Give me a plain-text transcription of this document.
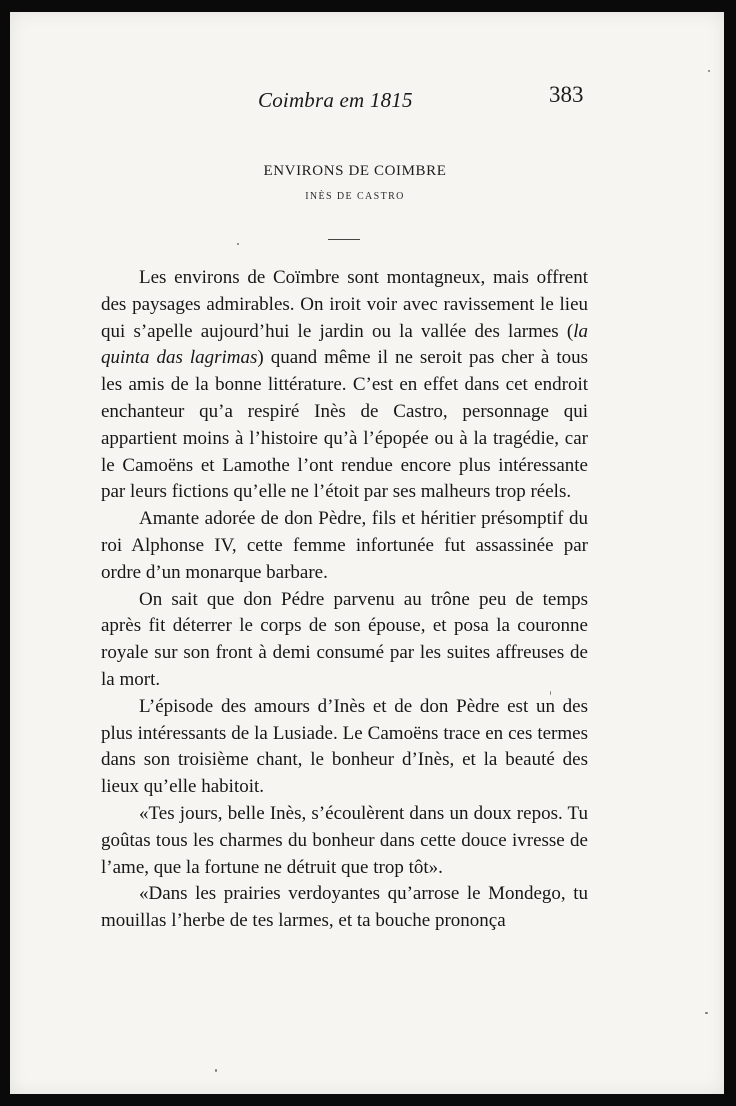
Coimbra em 1815	383
ENVIRONS DE COIMBRE
INÈS DE CASTRO

Les environs de Coïmbre sont montagneux, mais offrent des paysages admirables. On iroit voir avec ravissement le lieu qui s’apelle aujourd’hui le jardin ou la vallée des larmes (la quinta das lagrimas) quand même il ne seroit pas cher à tous les amis de la bonne littérature. C’est en effet dans cet endroit enchanteur qu’a respiré Inès de Castro, personnage qui appartient moins à l’histoire qu’à l’épopée ou à la tragédie, car le Camoëns et Lamothe l’ont rendue encore plus intéressante par leurs fictions qu’elle ne l’étoit par ses malheurs trop réels.

Amante adorée de don Pèdre, fils et héritier présomptif du roi Alphonse IV, cette femme infortunée fut assassinée par ordre d’un monarque barbare.

On sait que don Pédre parvenu au trône peu de temps après fit déterrer le corps de son épouse, et posa la couronne royale sur son front à demi consumé par les suites affreuses de la mort.

L’épisode des amours d’Inès et de don Pèdre est un des plus intéressants de la Lusiade. Le Camoëns trace en ces termes dans son troisième chant, le bonheur d’Inès, et la beauté des lieux qu’elle habitoit.

«Tes jours, belle Inès, s’écoulèrent dans un doux repos. Tu goûtas tous les charmes du bonheur dans cette douce ivresse de l’ame, que la fortune ne détruit que trop tôt».

«Dans les prairies verdoyantes qu’arrose le Mondego, tu mouillas l’herbe de tes larmes, et ta bouche prononça
